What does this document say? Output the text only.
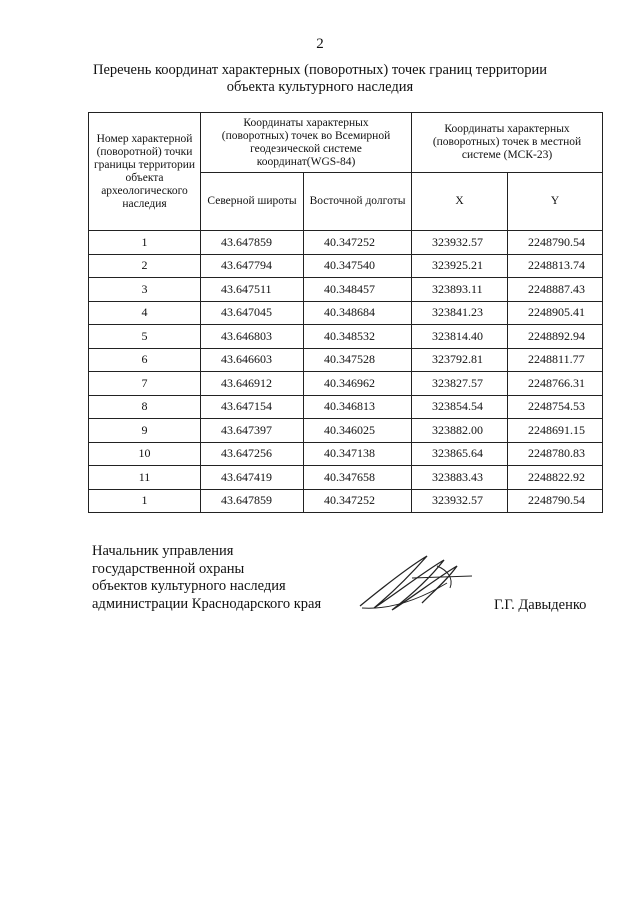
2
Перечень координат характерных (поворотных) точек границ территории
объекта культурного наследия
Номер характерной (поворотной) точки границы территории объекта археологического наследия	Координаты характерных (поворотных) точек во Всемирной геодезической системе координат(WGS-84)		Координаты характерных (поворотных) точек в местной системе (МСК-23)	
	Северной широты	Восточной долготы	X	Y
1	43.647859	40.347252	323932.57	2248790.54
2	43.647794	40.347540	323925.21	2248813.74
3	43.647511	40.348457	323893.11	2248887.43
4	43.647045	40.348684	323841.23	2248905.41
5	43.646803	40.348532	323814.40	2248892.94
6	43.646603	40.347528	323792.81	2248811.77
7	43.646912	40.346962	323827.57	2248766.31
8	43.647154	40.346813	323854.54	2248754.53
9	43.647397	40.346025	323882.00	2248691.15
10	43.647256	40.347138	323865.64	2248780.83
11	43.647419	40.347658	323883.43	2248822.92
1	43.647859	40.347252	323932.57	2248790.54
Начальник управления
государственной охраны
объектов культурного наследия
администрации Краснодарского края	Г.Г. Давыденко
